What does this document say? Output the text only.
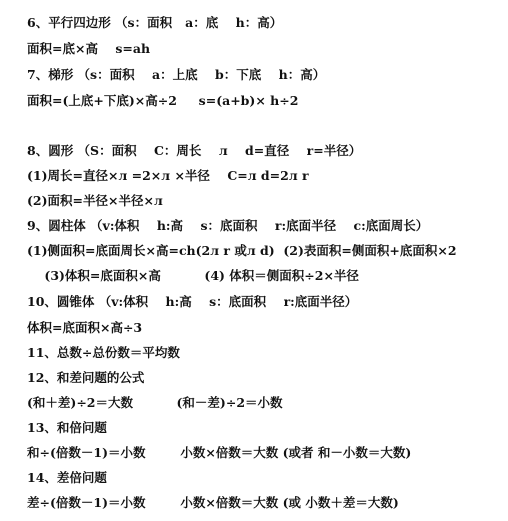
6、平行四边形 （s：面积   a：底    h：高）
面积=底×高    s=ah
7、梯形 （s：面积    a：上底    b：下底    h：高）
面积=(上底+下底)×高÷2     s=(a+b)× h÷2
8、圆形 （S：面积    C：周长    л    d=直径    r=半径）
(1)周长=直径×л =2×л ×半径    C=л d=2л r
(2)面积=半径×半径×л
9、圆柱体 （v:体积    h:高    s：底面积    r:底面半径    c:底面周长）
(1)侧面积=底面周长×高=ch(2л r 或л d)  (2)表面积=侧面积+底面积×2
(3)体积=底面积×高          (4) 体积＝侧面积÷2×半径
10、圆锥体 （v:体积    h:高    s：底面积    r:底面半径）
体积=底面积×高÷3
11、总数÷总份数＝平均数
12、和差问题的公式
(和＋差)÷2＝大数          (和－差)÷2＝小数
13、和倍问题
和÷(倍数－1)＝小数        小数×倍数＝大数 (或者 和－小数＝大数)
14、差倍问题
差÷(倍数－1)＝小数        小数×倍数＝大数 (或 小数＋差＝大数)
